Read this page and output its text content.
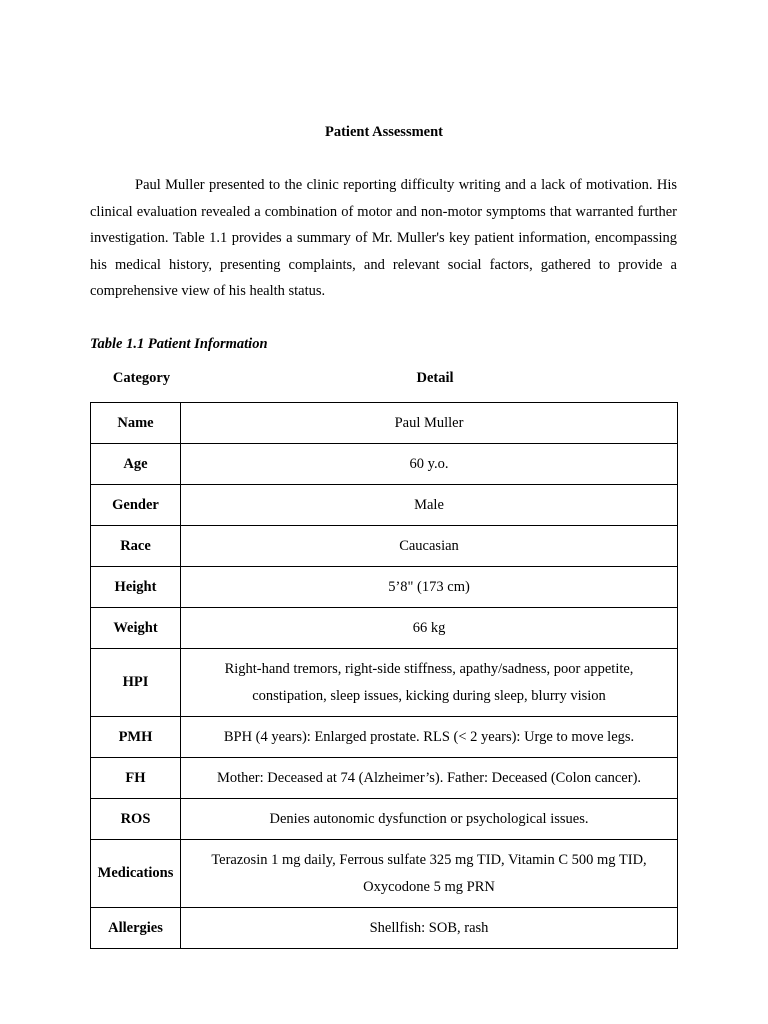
Patient Assessment

Paul Muller presented to the clinic reporting difficulty writing and a lack of motivation. His clinical evaluation revealed a combination of motor and non-motor symptoms that warranted further investigation. Table 1.1 provides a summary of Mr. Muller's key patient information, encompassing his medical history, presenting complaints, and relevant social factors, gathered to provide a comprehensive view of his health status.

Table 1.1 Patient Information
Category	Detail
Name	Paul Muller
Age	60 y.o.
Gender	Male
Race	Caucasian
Height	5’8" (173 cm)
Weight	66 kg
HPI	Right-hand tremors, right-side stiffness, apathy/sadness, poor appetite, constipation, sleep issues, kicking during sleep, blurry vision
PMH	BPH (4 years): Enlarged prostate. RLS (< 2 years): Urge to move legs.
FH	Mother: Deceased at 74 (Alzheimer’s). Father: Deceased (Colon cancer).
ROS	Denies autonomic dysfunction or psychological issues.
Medications	Terazosin 1 mg daily, Ferrous sulfate 325 mg TID, Vitamin C 500 mg TID, Oxycodone 5 mg PRN
Allergies	Shellfish: SOB, rash
